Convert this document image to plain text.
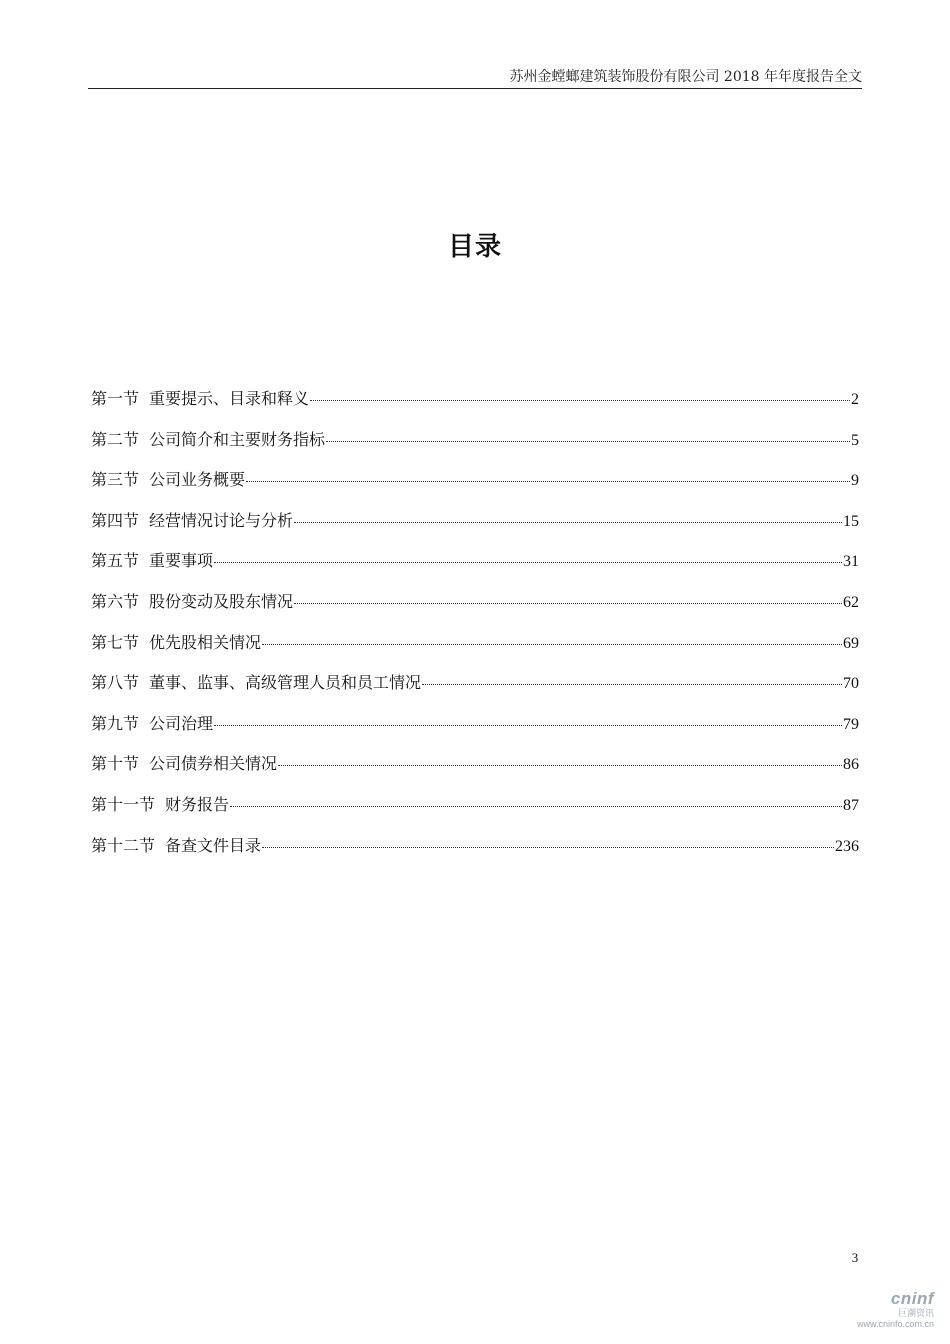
苏州金螳螂建筑装饰股份有限公司 2018 年年度报告全文
目录
第一节 重要提示、目录和释义	2
第二节 公司简介和主要财务指标	5
第三节 公司业务概要	9
第四节 经营情况讨论与分析	15
第五节 重要事项	31
第六节 股份变动及股东情况	62
第七节 优先股相关情况	69
第八节 董事、监事、高级管理人员和员工情况	70
第九节 公司治理	79
第十节 公司债券相关情况	86
第十一节 财务报告	87
第十二节 备查文件目录	236
3
cninf
巨潮资讯
www.cninfo.com.cn
